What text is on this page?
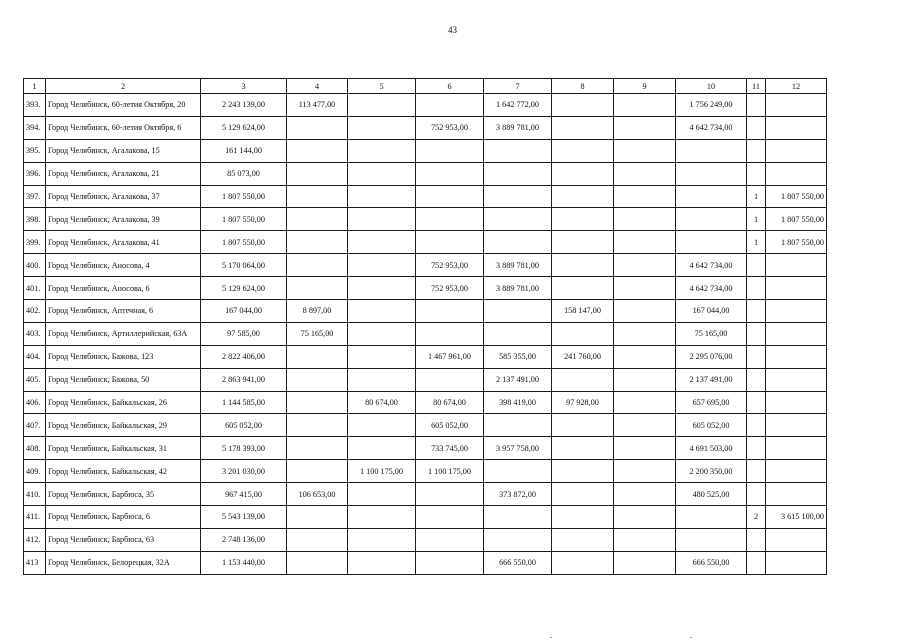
43
1	2	3	4	5	6	7	8	9	10	11	12
393.	Город Челябинск, 60-летия Октября, 20	2 243 139,00	113 477,00			1 642 772,00			1 756 249,00		
394.	Город Челябинск, 60-летия Октября, 6	5 129 624,00			752 953,00	3 889 781,00			4 642 734,00		
395.	Город Челябинск, Агалакова, 15	161 144,00									
396.	Город Челябинск, Агалакова, 21	85 073,00									
397.	Город Челябинск, Агалакова, 37	1 807 550,00								1	1 807 550,00
398.	Город Челябинск, Агалакова, 39	1 807 550,00								1	1 807 550,00
399.	Город Челябинск, Агалакова, 41	1 807 550,00								1	1 807 550,00
400.	Город Челябинск, Аносова, 4	5 170 064,00			752 953,00	3 889 781,00			4 642 734,00		
401.	Город Челябинск, Аносова, 6	5 129 624,00			752 953,00	3 889 781,00			4 642 734,00		
402.	Город Челябинск, Аптечная, 6	167 044,00	8 897,00				158 147,00		167 044,00		
403.	Город Челябинск, Артиллерийская, 63А	97 585,00	75 165,00						75 165,00		
404.	Город Челябинск, Бажова, 123	2 822 406,00			1 467 961,00	585 355,00	241 760,00		2 295 076,00		
405.	Город Челябинск, Бажова, 50	2 863 941,00				2 137 491,00			2 137 491,00		
406.	Город Челябинск, Байкальская, 26	1 144 585,00		80 674,00	80 674,00	398 419,00	97 928,00		657 695,00		
407.	Город Челябинск, Байкальская, 29	605 052,00			605 052,00				605 052,00		
408.	Город Челябинск, Байкальская, 31	5 178 393,00			733 745,00	3 957 758,00			4 691 503,00		
409.	Город Челябинск, Байкальская, 42	3 201 030,00		1 100 175,00	1 100 175,00				2 200 350,00		
410.	Город Челябинск, Барбюса, 35	967 415,00	106 653,00			373 872,00			480 525,00		
411.	Город Челябинск, Барбюса, 6	5 543 139,00								2	3 615 100,00
412.	Город Челябинск, Барбюса, 63	2 748 136,00									
413	Город Челябинск, Белорецкая, 32А	1 153 440,00				666 550,00			666 550,00		
